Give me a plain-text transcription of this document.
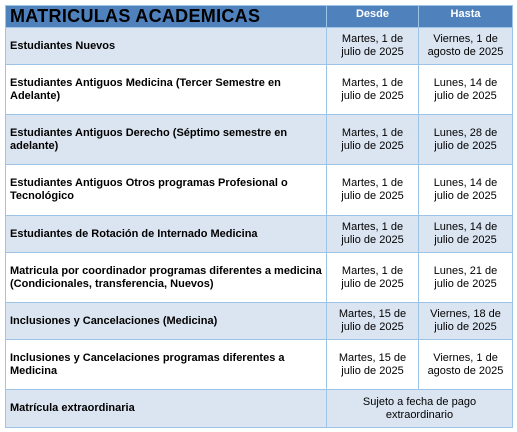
MATRICULAS ACADEMICAS	Desde	Hasta
Estudiantes Nuevos	Martes, 1 de julio de 2025	Viernes, 1 de agosto de 2025
Estudiantes Antiguos Medicina (Tercer Semestre en Adelante)	Martes, 1 de julio de 2025	Lunes, 14 de julio de 2025
Estudiantes Antiguos Derecho (Séptimo semestre en adelante)	Martes, 1 de julio de 2025	Lunes, 28 de julio de 2025
Estudiantes Antiguos Otros programas Profesional o Tecnológico	Martes, 1 de julio de 2025	Lunes, 14 de julio de 2025
Estudiantes de Rotación de Internado Medicina	Martes, 1 de julio de 2025	Lunes, 14 de julio de 2025
Matricula por coordinador programas diferentes a medicina (Condicionales, transferencia, Nuevos)	Martes, 1 de julio de 2025	Lunes, 21 de julio de 2025
Inclusiones y Cancelaciones (Medicina)	Martes, 15 de julio de 2025	Viernes, 18 de julio de 2025
Inclusiones y Cancelaciones programas diferentes a Medicina	Martes, 15 de julio de 2025	Viernes, 1 de agosto de 2025
Matrícula extraordinaria	Sujeto a fecha de pago extraordinario	
